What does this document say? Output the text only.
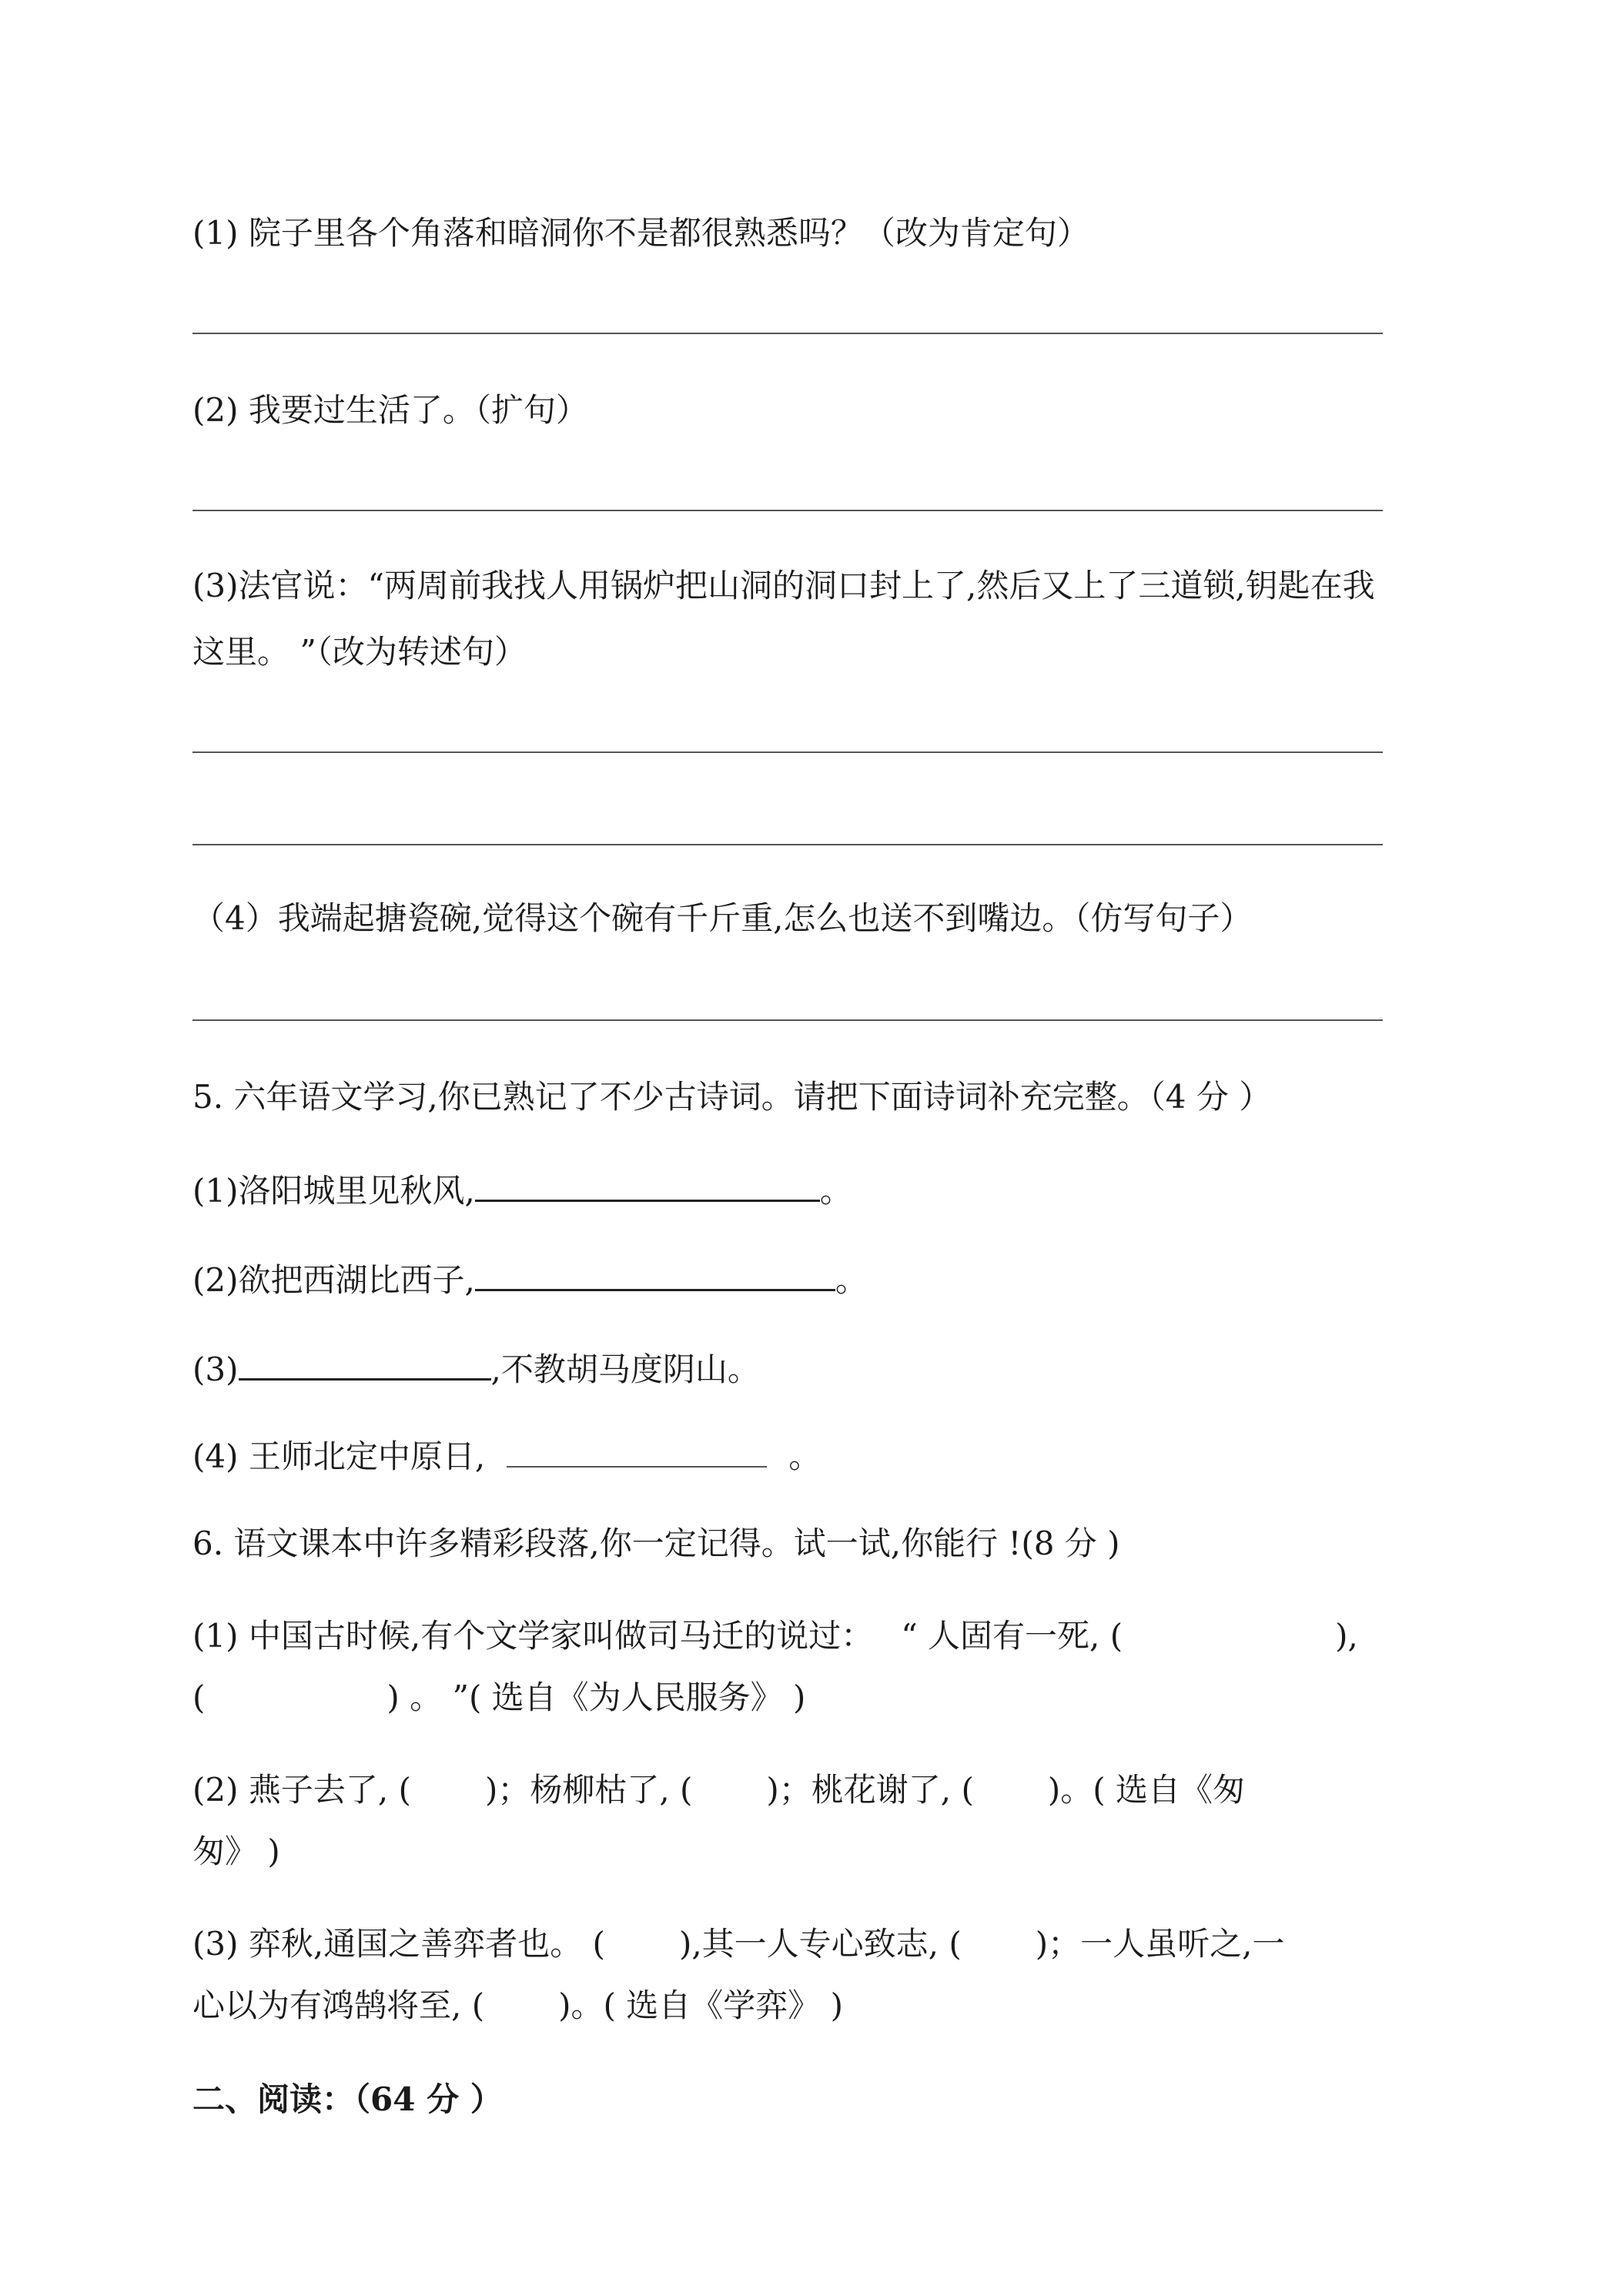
(1) 院子里各个角落和暗洞你不是都很熟悉吗？（改为肯定句）
(2) 我要过生活了。（扩句）
(3)法官说：“两周前我找人用锅炉把山洞的洞口封上了,然后又上了三道锁,钥匙在我
这里。 ”（改为转述句）
（4）我端起搪瓷碗,觉得这个碗有千斤重,怎么也送不到嘴边。（仿写句子）
5. 六年语文学习,你已熟记了不少古诗词。请把下面诗词补充完整。（4 分 ）
(1)洛阳城里见秋风,	。
(2)欲把西湖比西子,	。
(3)	,不教胡马度阴山。
(4) 王师北定中原日,	。
6. 语文课本中许多精彩段落,你一定记得。试一试,你能行 !(8 分 )
(1) 中国古时候,有个文学家叫做司马迁的说过： “ 人固有一死, (	),
(	) 。 ”( 选自《为人民服务》 )
(2) 燕子去了, ( )；杨柳枯了, ( )；桃花谢了, ( )。( 选自《匆
匆》 )
(3) 弈秋,通国之善弈者也。 ( ),其一人专心致志, ( )；一人虽听之,一
心以为有鸿鹄将至, ( )。( 选自《学弈》 )
二、阅读：（64 分 ）
